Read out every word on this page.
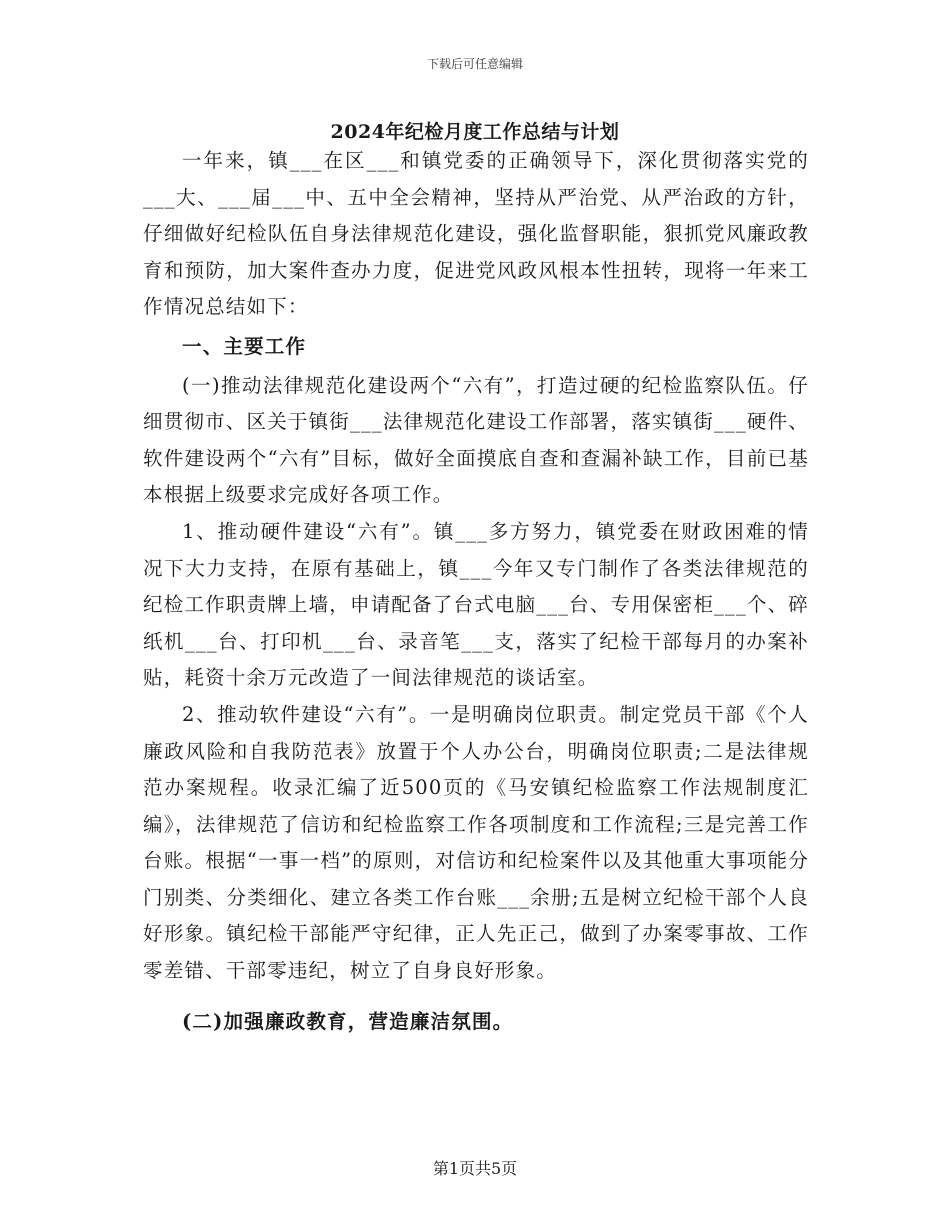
下载后可任意编辑
2024年纪检月度工作总结与计划

一年来，镇___在区___和镇党委的正确领导下，深化贯彻落实党的___大、___届___中、五中全会精神，坚持从严治党、从严治政的方针，仔细做好纪检队伍自身法律规范化建设，强化监督职能，狠抓党风廉政教育和预防，加大案件查办力度，促进党风政风根本性扭转，现将一年来工作情况总结如下：

一、主要工作

(一)推动法律规范化建设两个“六有”，打造过硬的纪检监察队伍。仔细贯彻市、区关于镇街___法律规范化建设工作部署，落实镇街___硬件、软件建设两个“六有”目标，做好全面摸底自查和查漏补缺工作，目前已基本根据上级要求完成好各项工作。

1、推动硬件建设“六有”。镇___多方努力，镇党委在财政困难的情况下大力支持，在原有基础上，镇___今年又专门制作了各类法律规范的纪检工作职责牌上墙，申请配备了台式电脑___台、专用保密柜___个、碎纸机___台、打印机___台、录音笔___支，落实了纪检干部每月的办案补贴，耗资十余万元改造了一间法律规范的谈话室。

2、推动软件建设“六有”。一是明确岗位职责。制定党员干部《个人廉政风险和自我防范表》放置于个人办公台，明确岗位职责;二是法律规范办案规程。收录汇编了近500页的《马安镇纪检监察工作法规制度汇编》，法律规范了信访和纪检监察工作各项制度和工作流程;三是完善工作台账。根据“一事一档”的原则，对信访和纪检案件以及其他重大事项能分门别类、分类细化、建立各类工作台账___余册;五是树立纪检干部个人良好形象。镇纪检干部能严守纪律，正人先正己，做到了办案零事故、工作零差错、干部零违纪，树立了自身良好形象。

(二)加强廉政教育，营造廉洁氛围。

第1页共5页
